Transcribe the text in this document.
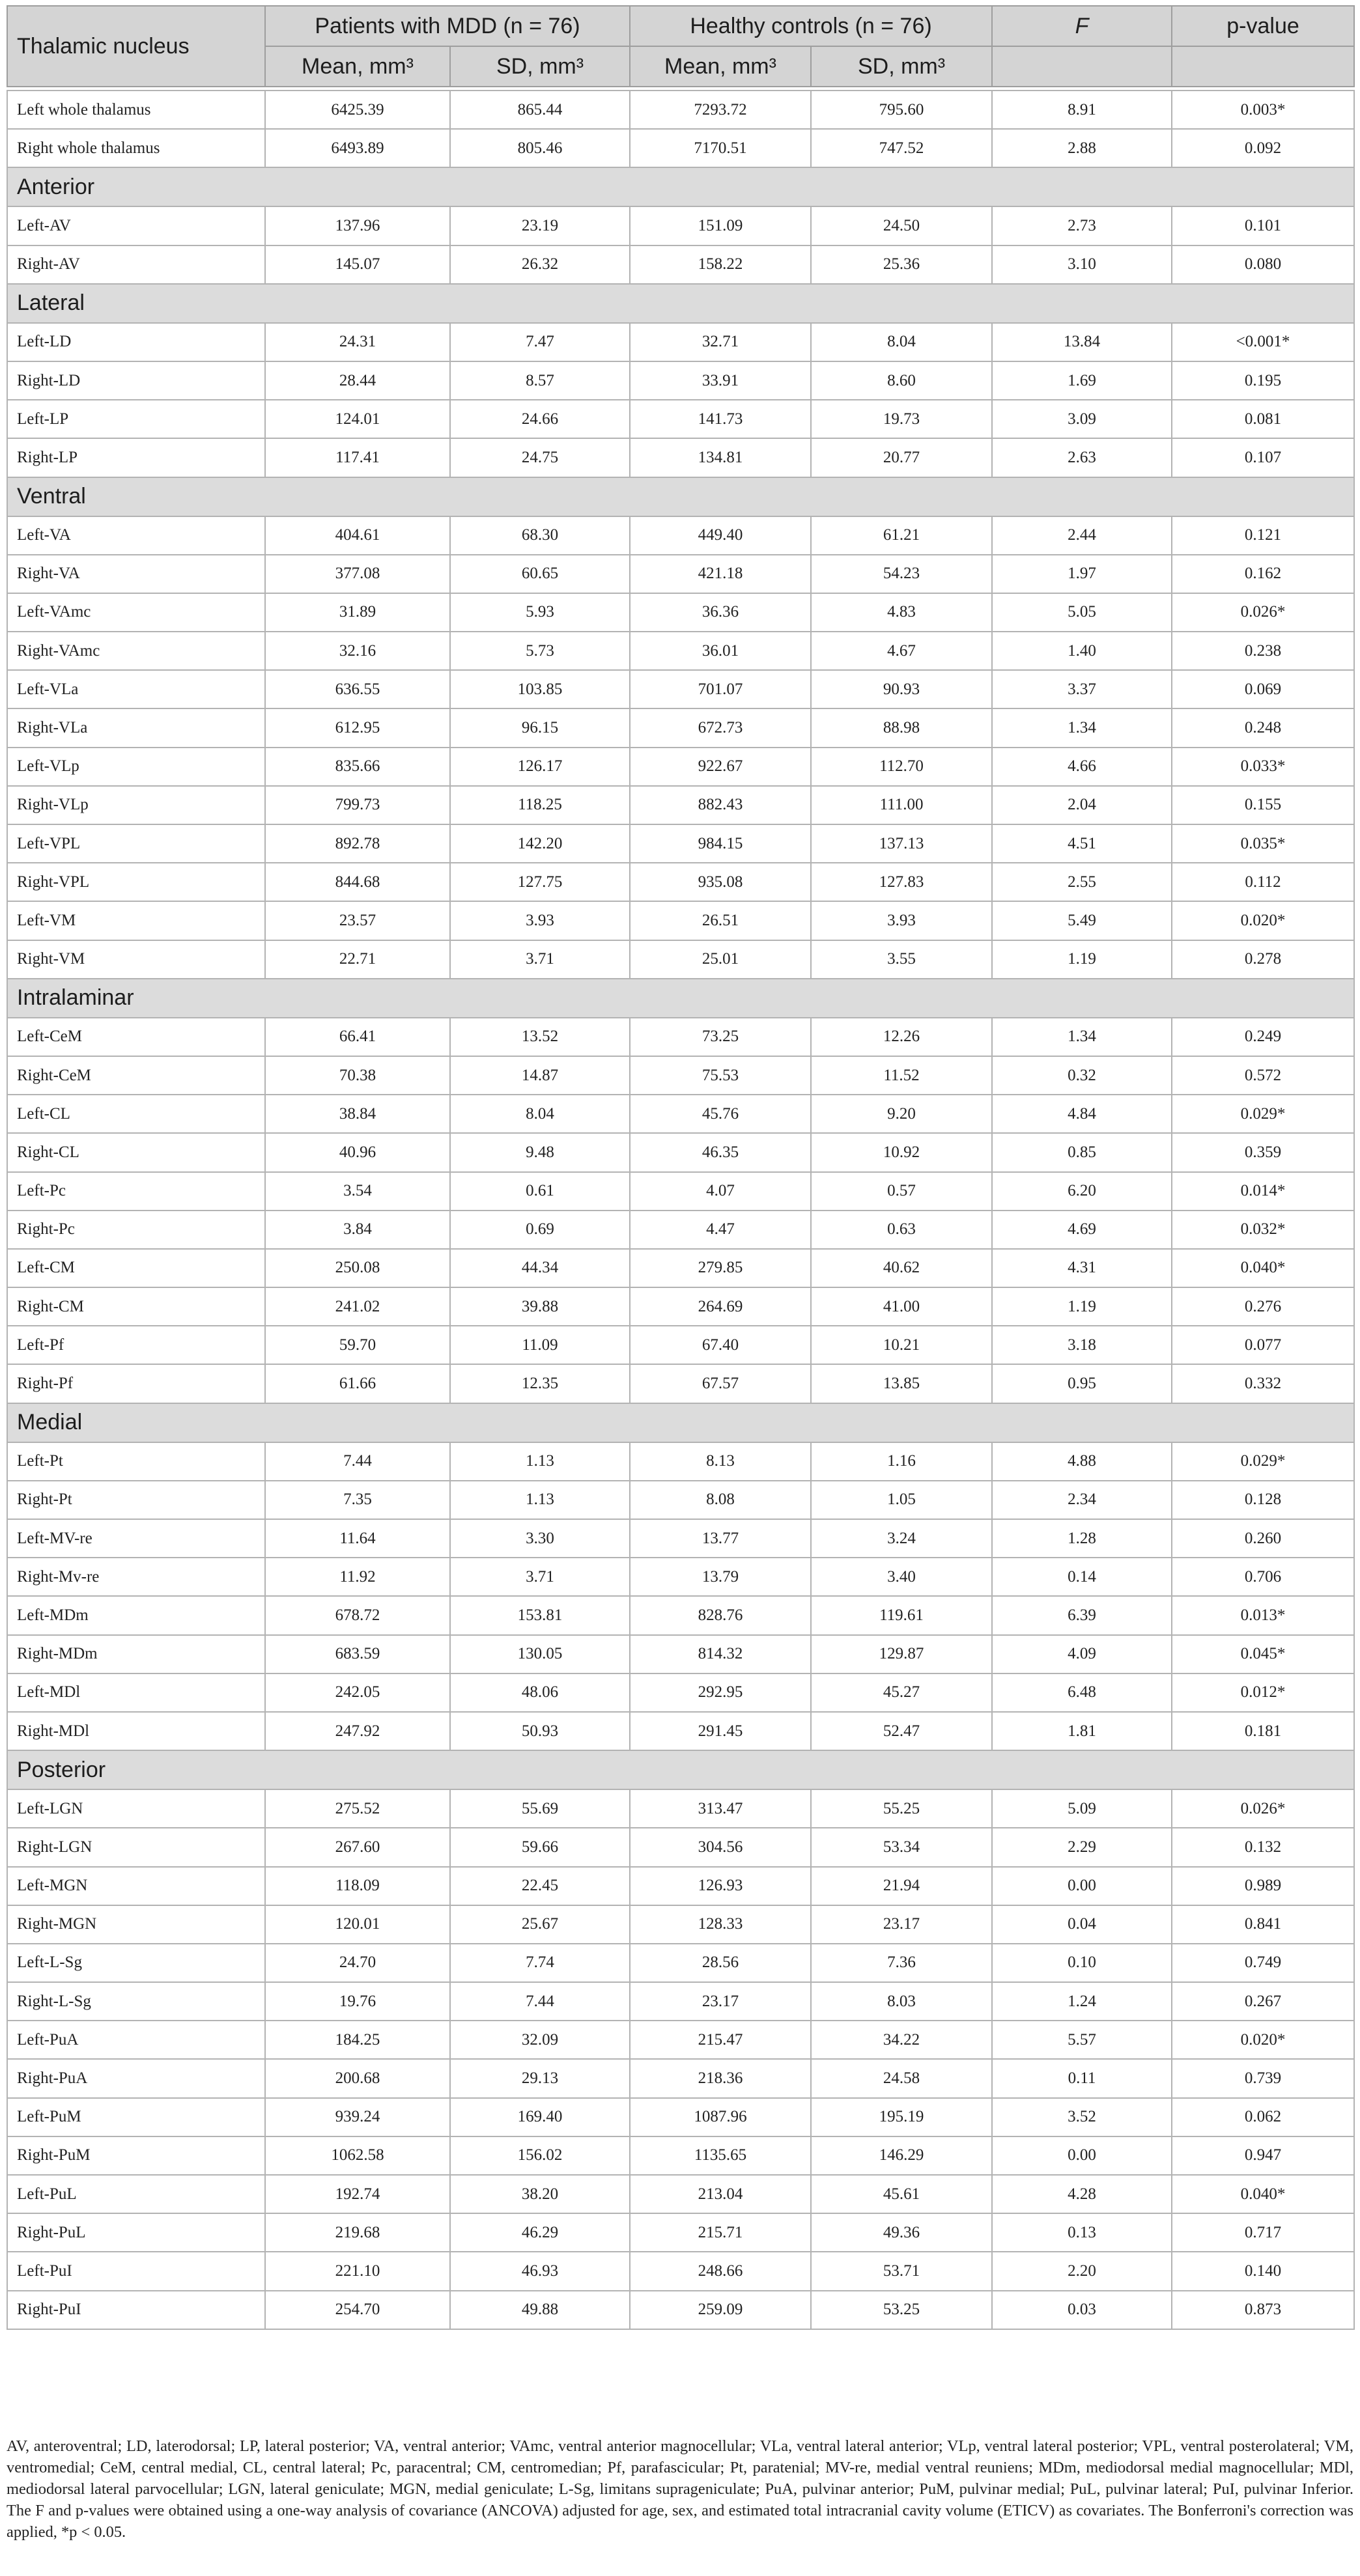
Thalamic nucleus	Patients with MDD (n = 76)		Healthy controls (n = 76)		F	p-value
	Mean, mm³	SD, mm³	Mean, mm³	SD, mm³		

Left whole thalamus	6425.39	865.44	7293.72	795.60	8.91	0.003*
Right whole thalamus	6493.89	805.46	7170.51	747.52	2.88	0.092
Anterior						
Left-AV	137.96	23.19	151.09	24.50	2.73	0.101
Right-AV	145.07	26.32	158.22	25.36	3.10	0.080
Lateral						
Left-LD	24.31	7.47	32.71	8.04	13.84	<0.001*
Right-LD	28.44	8.57	33.91	8.60	1.69	0.195
Left-LP	124.01	24.66	141.73	19.73	3.09	0.081
Right-LP	117.41	24.75	134.81	20.77	2.63	0.107
Ventral						
Left-VA	404.61	68.30	449.40	61.21	2.44	0.121
Right-VA	377.08	60.65	421.18	54.23	1.97	0.162
Left-VAmc	31.89	5.93	36.36	4.83	5.05	0.026*
Right-VAmc	32.16	5.73	36.01	4.67	1.40	0.238
Left-VLa	636.55	103.85	701.07	90.93	3.37	0.069
Right-VLa	612.95	96.15	672.73	88.98	1.34	0.248
Left-VLp	835.66	126.17	922.67	112.70	4.66	0.033*
Right-VLp	799.73	118.25	882.43	111.00	2.04	0.155
Left-VPL	892.78	142.20	984.15	137.13	4.51	0.035*
Right-VPL	844.68	127.75	935.08	127.83	2.55	0.112
Left-VM	23.57	3.93	26.51	3.93	5.49	0.020*
Right-VM	22.71	3.71	25.01	3.55	1.19	0.278
Intralaminar						
Left-CeM	66.41	13.52	73.25	12.26	1.34	0.249
Right-CeM	70.38	14.87	75.53	11.52	0.32	0.572
Left-CL	38.84	8.04	45.76	9.20	4.84	0.029*
Right-CL	40.96	9.48	46.35	10.92	0.85	0.359
Left-Pc	3.54	0.61	4.07	0.57	6.20	0.014*
Right-Pc	3.84	0.69	4.47	0.63	4.69	0.032*
Left-CM	250.08	44.34	279.85	40.62	4.31	0.040*
Right-CM	241.02	39.88	264.69	41.00	1.19	0.276
Left-Pf	59.70	11.09	67.40	10.21	3.18	0.077
Right-Pf	61.66	12.35	67.57	13.85	0.95	0.332
Medial						
Left-Pt	7.44	1.13	8.13	1.16	4.88	0.029*
Right-Pt	7.35	1.13	8.08	1.05	2.34	0.128
Left-MV-re	11.64	3.30	13.77	3.24	1.28	0.260
Right-Mv-re	11.92	3.71	13.79	3.40	0.14	0.706
Left-MDm	678.72	153.81	828.76	119.61	6.39	0.013*
Right-MDm	683.59	130.05	814.32	129.87	4.09	0.045*
Left-MDl	242.05	48.06	292.95	45.27	6.48	0.012*
Right-MDl	247.92	50.93	291.45	52.47	1.81	0.181
Posterior						
Left-LGN	275.52	55.69	313.47	55.25	5.09	0.026*
Right-LGN	267.60	59.66	304.56	53.34	2.29	0.132
Left-MGN	118.09	22.45	126.93	21.94	0.00	0.989
Right-MGN	120.01	25.67	128.33	23.17	0.04	0.841
Left-L-Sg	24.70	7.74	28.56	7.36	0.10	0.749
Right-L-Sg	19.76	7.44	23.17	8.03	1.24	0.267
Left-PuA	184.25	32.09	215.47	34.22	5.57	0.020*
Right-PuA	200.68	29.13	218.36	24.58	0.11	0.739
Left-PuM	939.24	169.40	1087.96	195.19	3.52	0.062
Right-PuM	1062.58	156.02	1135.65	146.29	0.00	0.947
Left-PuL	192.74	38.20	213.04	45.61	4.28	0.040*
Right-PuL	219.68	46.29	215.71	49.36	0.13	0.717
Left-PuI	221.10	46.93	248.66	53.71	2.20	0.140
Right-PuI	254.70	49.88	259.09	53.25	0.03	0.873
AV, anteroventral; LD, laterodorsal; LP, lateral posterior; VA, ventral anterior; VAmc, ventral anterior magnocellular; VLa, ventral lateral anterior; VLp, ventral lateral posterior; VPL, ventral posterolateral; VM, ventromedial; CeM, central medial, CL, central lateral; Pc, paracentral; CM, centromedian; Pf, parafascicular; Pt, paratenial; MV-re, medial ventral reuniens; MDm, mediodorsal medial magnocellular; MDl, mediodorsal lateral parvocellular; LGN, lateral geniculate; MGN, medial geniculate; L-Sg, limitans suprageniculate; PuA, pulvinar anterior; PuM, pulvinar medial; PuL, pulvinar lateral; PuI, pulvinar Inferior. The F and p-values were obtained using a one-way analysis of covariance (ANCOVA) adjusted for age, sex, and estimated total intracranial cavity volume (ETICV) as covariates. The Bonferroni's correction was applied, *p < 0.05.
